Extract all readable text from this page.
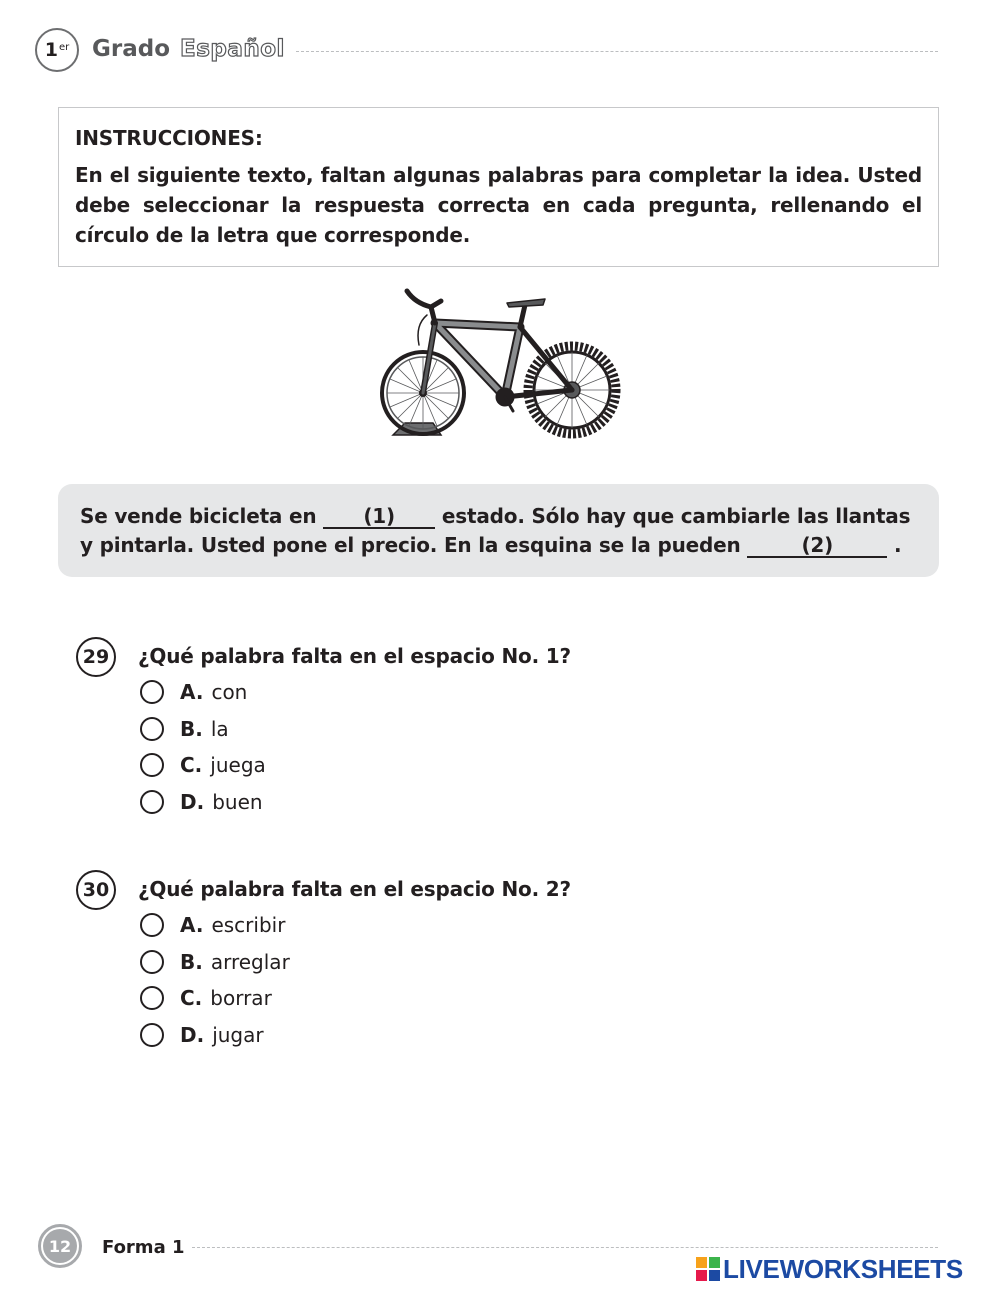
1er Grado Español
INSTRUCCIONES:
En el siguiente texto, faltan algunas palabras para completar la idea. Usted debe seleccionar la respuesta correcta en cada pregunta, rellenando el círculo de la letra que corresponde.
Se vende bicicleta en (1) estado. Sólo hay que cambiarle las llantas y pintarla. Usted pone el precio. En la esquina se la pueden	(2)	.
29	¿Qué palabra falta en el espacio No. 1?
A. con
B. la
C. juega
D. buen
30	¿Qué palabra falta en el espacio No. 2?
A. escribir
B. arreglar
C. borrar
D. jugar
12	Forma 1
LIVEWORKSHEETS
